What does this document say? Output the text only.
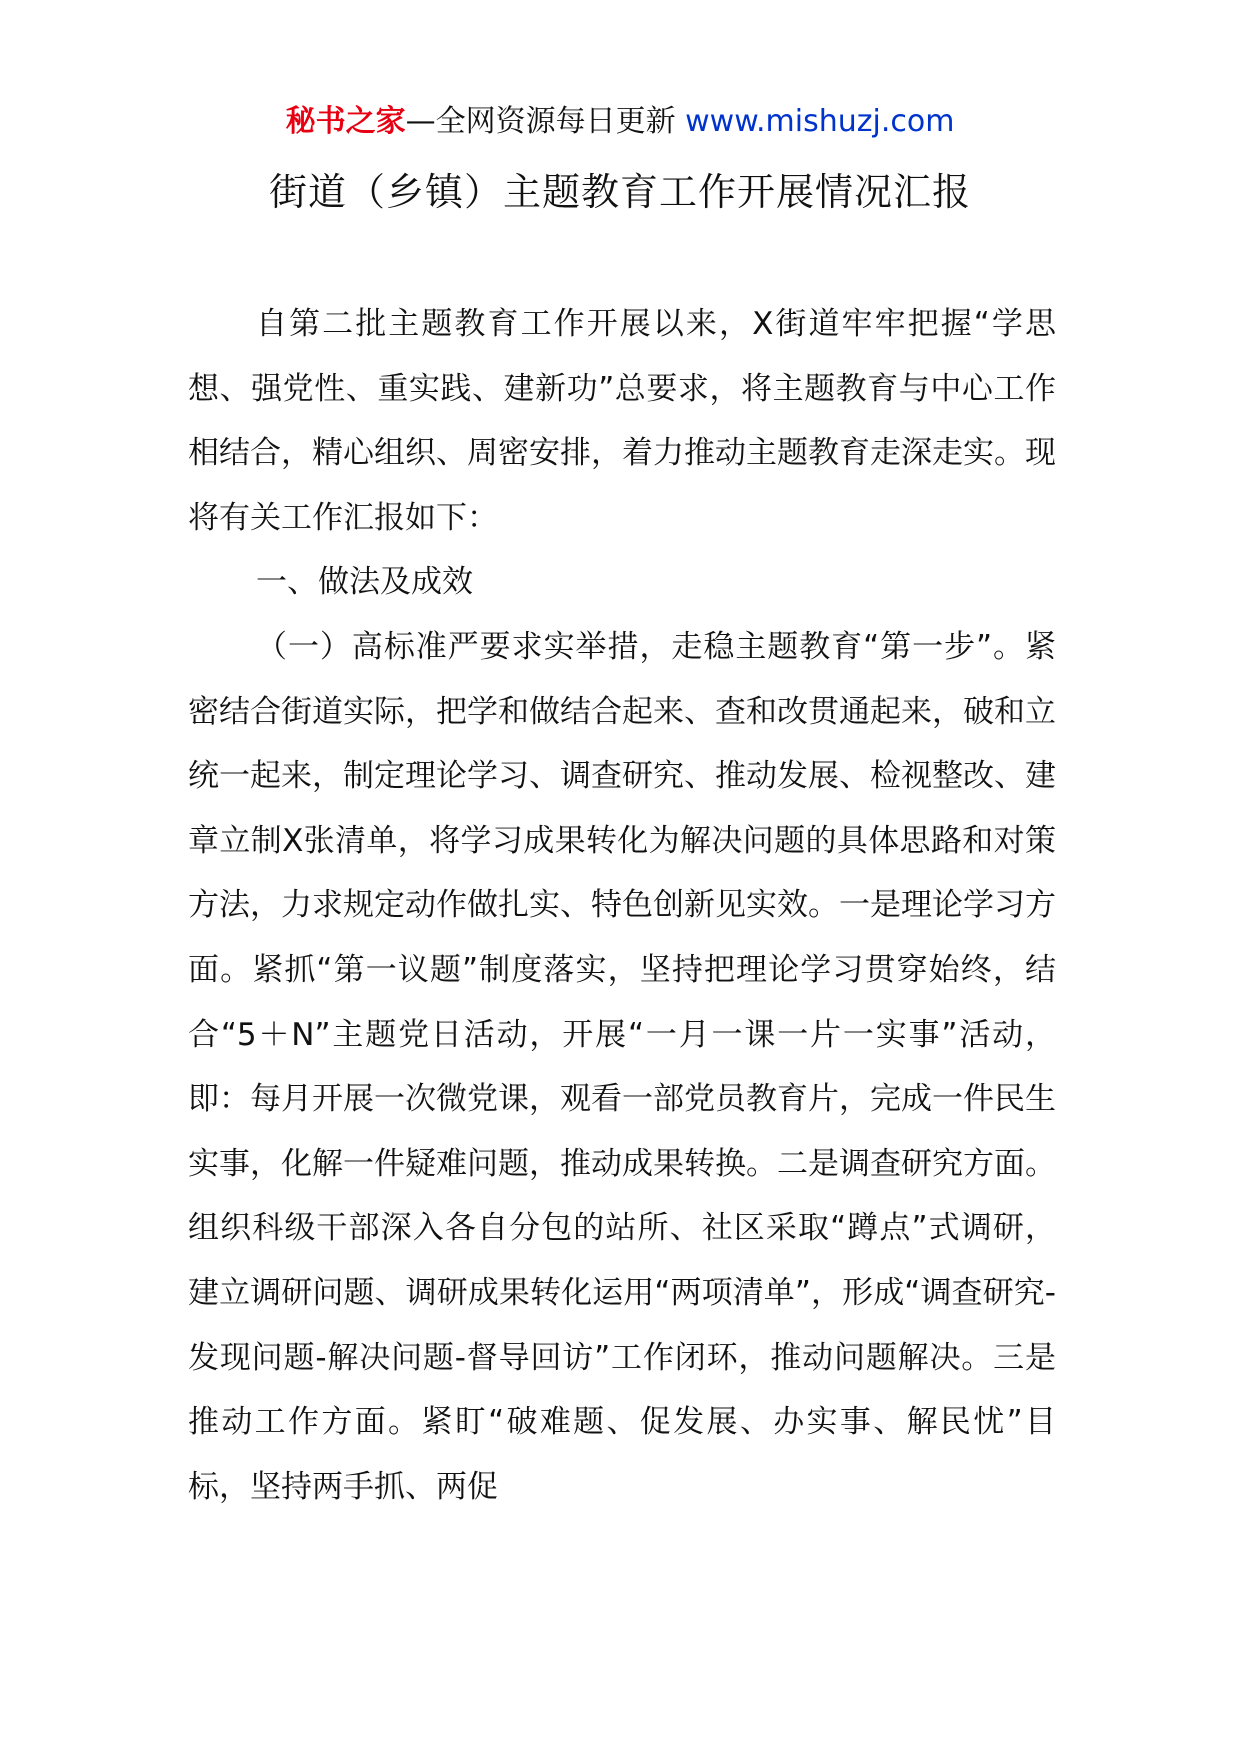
秘书之家—全网资源每日更新 www.mishuzj.com
街道（乡镇）主题教育工作开展情况汇报

自第二批主题教育工作开展以来，X街道牢牢把握“学思想、强党性、重实践、建新功”总要求，将主题教育与中心工作相结合，精心组织、周密安排，着力推动主题教育走深走实。现将有关工作汇报如下：

一、做法及成效

（一）高标准严要求实举措，走稳主题教育“第一步”。紧密结合街道实际，把学和做结合起来、查和改贯通起来，破和立统一起来，制定理论学习、调查研究、推动发展、检视整改、建章立制X张清单，将学习成果转化为解决问题的具体思路和对策方法，力求规定动作做扎实、特色创新见实效。一是理论学习方面。紧抓“第一议题”制度落实，坚持把理论学习贯穿始终，结合“5＋N”主题党日活动，开展“一月一课一片一实事”活动，即：每月开展一次微党课，观看一部党员教育片，完成一件民生实事，化解一件疑难问题，推动成果转换。二是调查研究方面。组织科级干部深入各自分包的站所、社区采取“蹲点”式调研，建立调研问题、调研成果转化运用“两项清单”，形成“调查研究-发现问题-解决问题-督导回访”工作闭环，推动问题解决。三是推动工作方面。紧盯“破难题、促发展、办实事、解民忧”目标，坚持两手抓、两促
